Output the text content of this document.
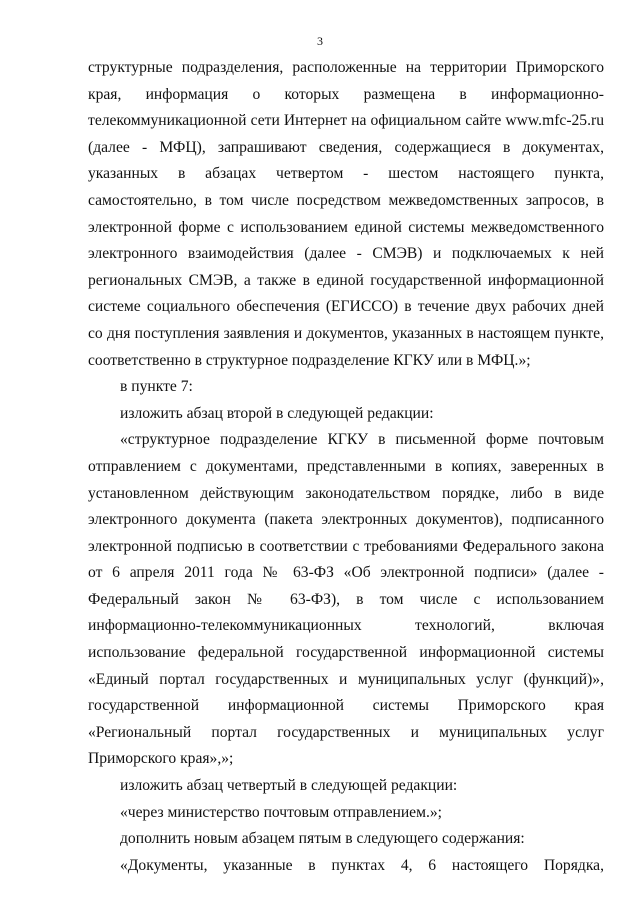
3

структурные подразделения, расположенные на территории Приморского края, информация о которых размещена в информационно-телекоммуникационной сети Интернет на официальном сайте www.mfc-25.ru (далее - МФЦ), запрашивают сведения, содержащиеся в документах, указанных в абзацах четвертом - шестом настоящего пункта, самостоятельно, в том числе посредством межведомственных запросов, в электронной форме с использованием единой системы межведомственного электронного взаимодействия (далее - СМЭВ) и подключаемых к ней региональных СМЭВ, а также в единой государственной информационной системе социального обеспечения (ЕГИССО) в течение двух рабочих дней со дня поступления заявления и документов, указанных в настоящем пункте, соответственно в структурное подразделение КГКУ или в МФЦ.»;

в пункте 7:

изложить абзац второй в следующей редакции:

«структурное подразделение КГКУ в письменной форме почтовым отправлением с документами, представленными в копиях, заверенных в установленном действующим законодательством порядке, либо в виде электронного документа (пакета электронных документов), подписанного электронной подписью в соответствии с требованиями Федерального закона от 6 апреля 2011 года № 63-ФЗ «Об электронной подписи» (далее - Федеральный закон № 63-ФЗ), в том числе с использованием информационно-телекоммуникационных технологий, включая использование федеральной государственной информационной системы «Единый портал государственных и муниципальных услуг (функций)», государственной информационной системы Приморского края «Региональный портал государственных и муниципальных услуг Приморского края»,»;

изложить абзац четвертый в следующей редакции:

«через министерство почтовым отправлением.»;

дополнить новым абзацем пятым в следующего содержания:

«Документы, указанные в пунктах 4, 6 настоящего Порядка,
